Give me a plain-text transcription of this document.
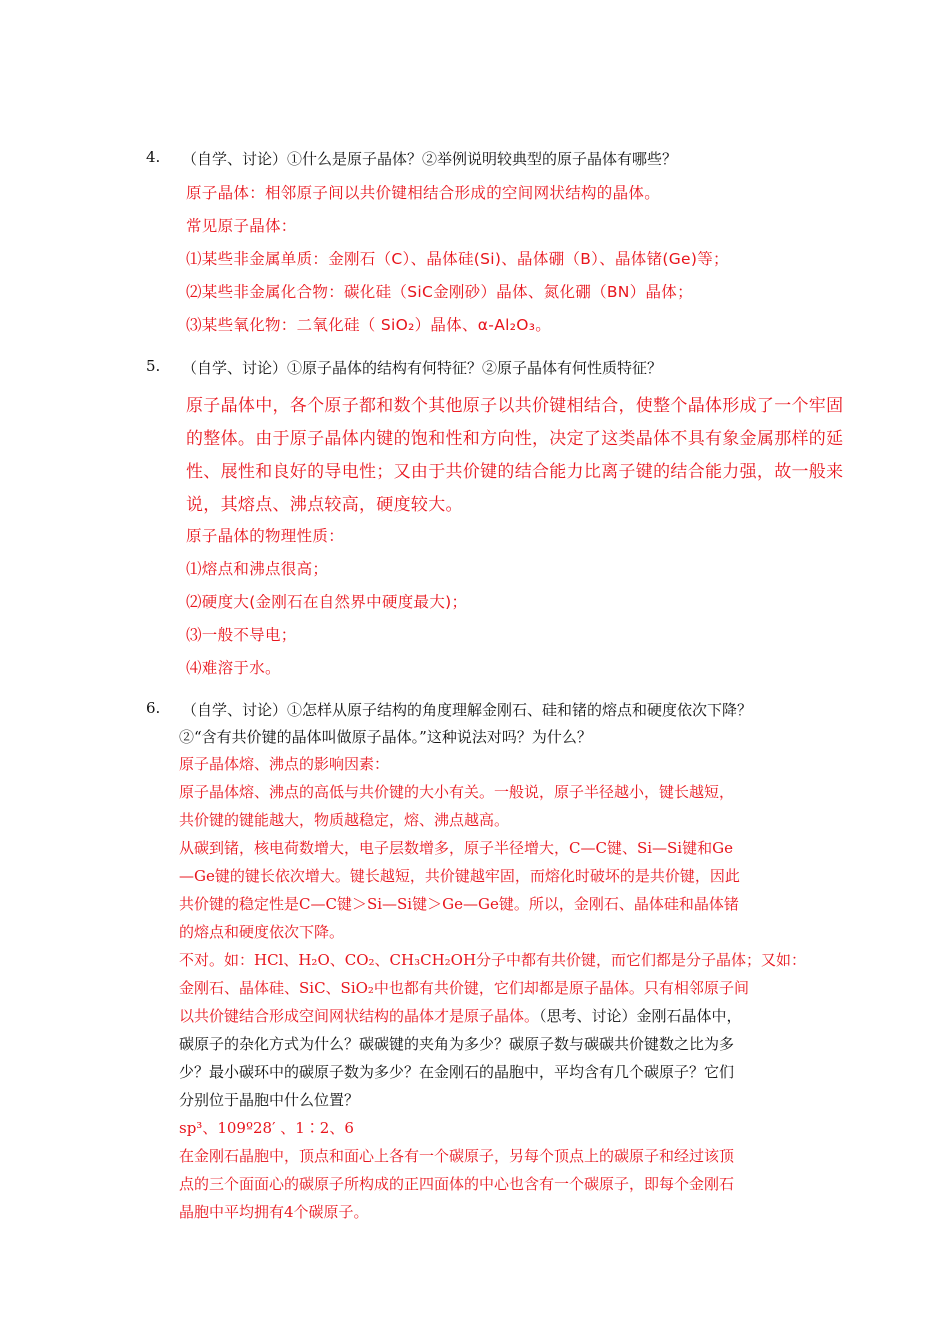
4. （自学、讨论）①什么是原子晶体？②举例说明较典型的原子晶体有哪些？
原子晶体：相邻原子间以共价键相结合形成的空间网状结构的晶体。
常见原子晶体：
⑴某些非金属单质：金刚石（C）、晶体硅(Si)、晶体硼（B）、晶体锗(Ge)等；
⑵某些非金属化合物：碳化硅（SiC金刚砂）晶体、氮化硼（BN）晶体；
⑶某些氧化物：二氧化硅（ SiO₂）晶体、α-Al₂O₃。
5. （自学、讨论）①原子晶体的结构有何特征？②原子晶体有何性质特征？
原子晶体中，各个原子都和数个其他原子以共价键相结合，使整个晶体形成了一个牢固
的整体。由于原子晶体内键的饱和性和方向性，决定了这类晶体不具有象金属那样的延
性、展性和良好的导电性；又由于共价键的结合能力比离子键的结合能力强，故一般来
说，其熔点、沸点较高，硬度较大。
原子晶体的物理性质：
⑴熔点和沸点很高；
⑵硬度大(金刚石在自然界中硬度最大)；
⑶一般不导电；
⑷难溶于水。
6. （自学、讨论）①怎样从原子结构的角度理解金刚石、硅和锗的熔点和硬度依次下降？
②“含有共价键的晶体叫做原子晶体。”这种说法对吗？为什么？
原子晶体熔、沸点的影响因素：
原子晶体熔、沸点的高低与共价键的大小有关。一般说，原子半径越小，键长越短，
共价键的键能越大，物质越稳定，熔、沸点越高。
从碳到锗，核电荷数增大，电子层数增多，原子半径增大，C—C键、Si—Si键和Ge
—Ge键的键长依次增大。键长越短，共价键越牢固，而熔化时破坏的是共价键，因此
共价键的稳定性是C—C键＞Si—Si键＞Ge—Ge键。所以，金刚石、晶体硅和晶体锗
的熔点和硬度依次下降。
不对。如：HCl、H₂O、CO₂、CH₃CH₂OH分子中都有共价键，而它们都是分子晶体；又如：
金刚石、晶体硅、SiC、SiO₂中也都有共价键，它们却都是原子晶体。只有相邻原子间
以共价键结合形成空间网状结构的晶体才是原子晶体。（思考、讨论）金刚石晶体中，
碳原子的杂化方式为什么？碳碳键的夹角为多少？碳原子数与碳碳共价键数之比为多
少？最小碳环中的碳原子数为多少？在金刚石的晶胞中，平均含有几个碳原子？它们
分别位于晶胞中什么位置？
sp³、109º28′ 、1∶2、6
在金刚石晶胞中，顶点和面心上各有一个碳原子，另每个顶点上的碳原子和经过该顶
点的三个面面心的碳原子所构成的正四面体的中心也含有一个碳原子，即每个金刚石
晶胞中平均拥有4个碳原子。
